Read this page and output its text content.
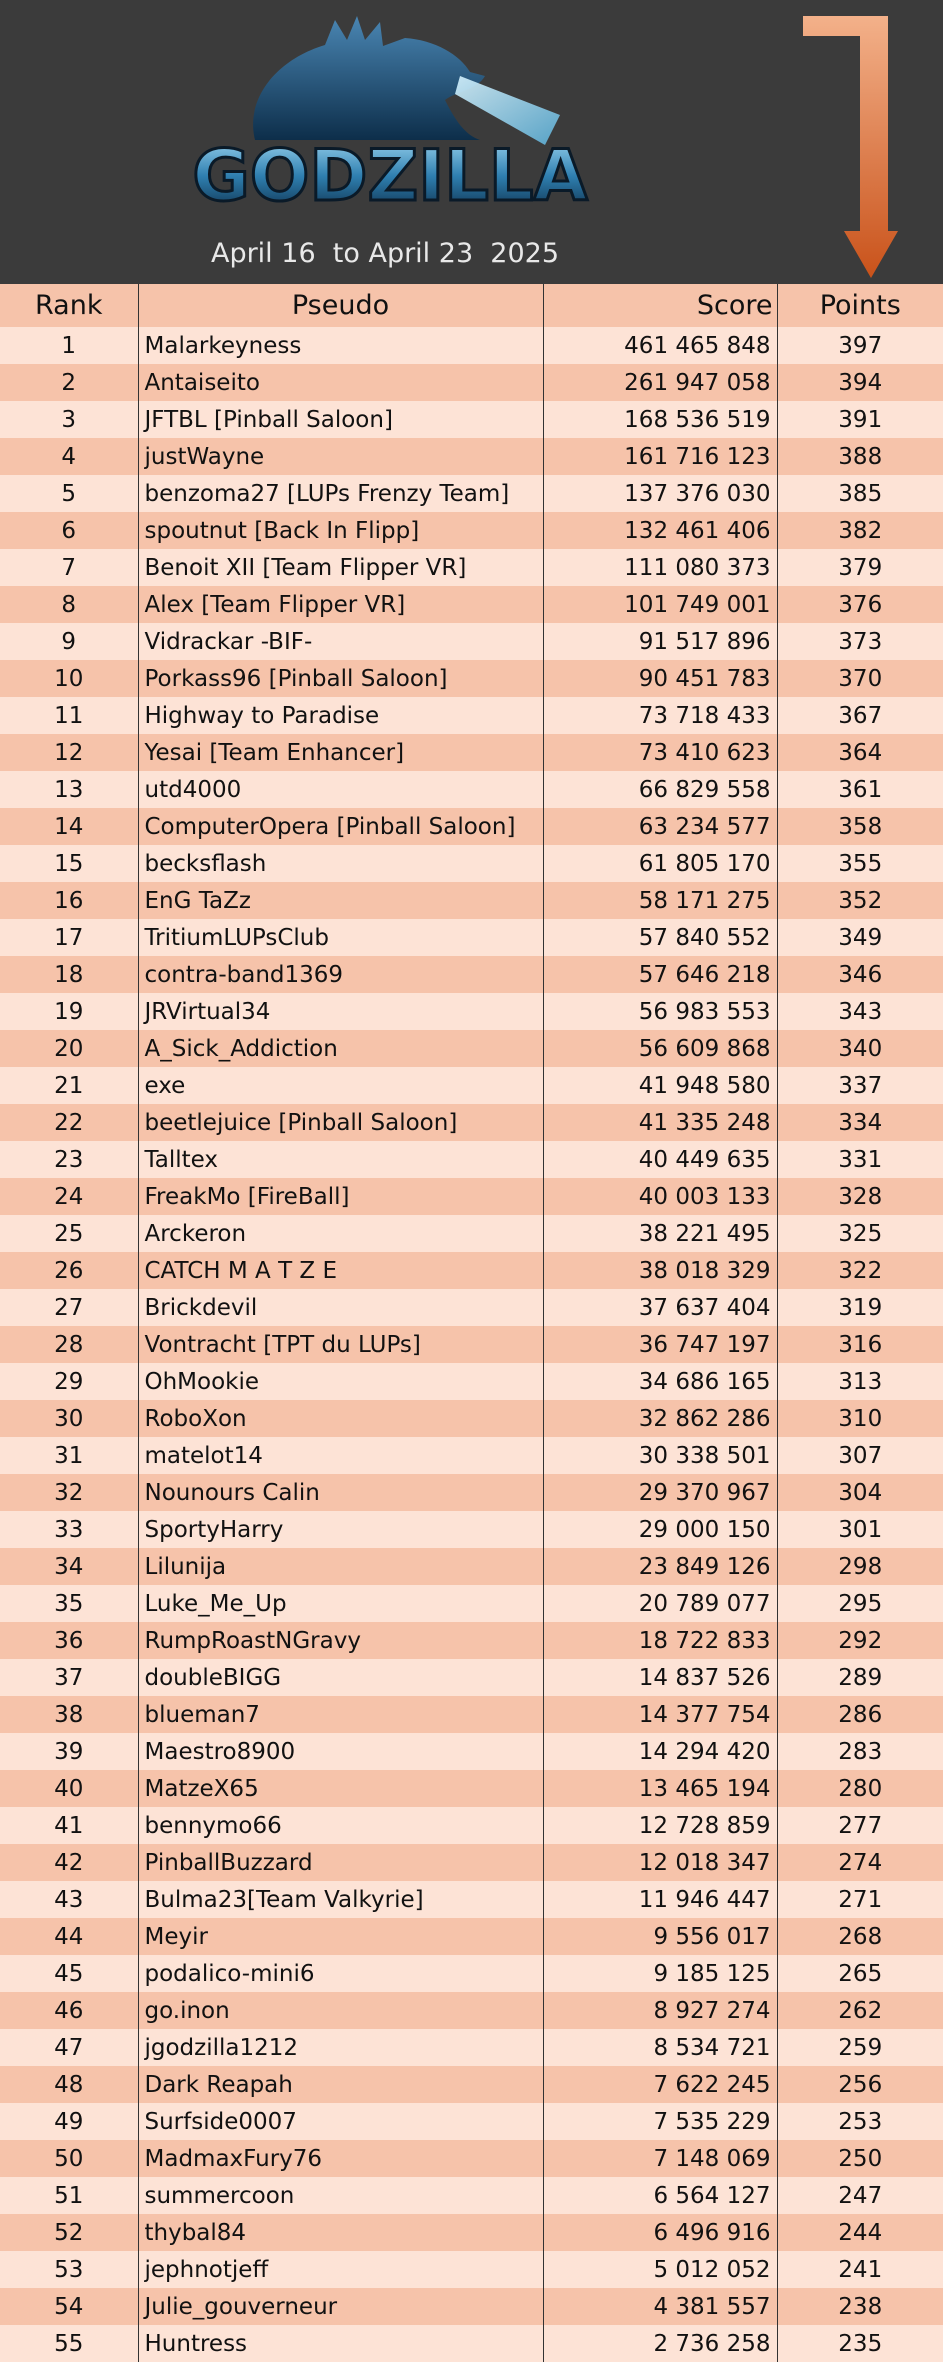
GODZILLA
April 16  to April 23  2025
Rank	Pseudo	Score	Points
1	Malarkeyness	461 465 848	397
2	Antaiseito	261 947 058	394
3	JFTBL [Pinball Saloon]	168 536 519	391
4	justWayne	161 716 123	388
5	benzoma27 [LUPs Frenzy Team]	137 376 030	385
6	spoutnut [Back In Flipp]	132 461 406	382
7	Benoit XII [Team Flipper VR]	111 080 373	379
8	Alex [Team Flipper VR]	101 749 001	376
9	Vidrackar -BIF-	91 517 896	373
10	Porkass96 [Pinball Saloon]	90 451 783	370
11	Highway to Paradise	73 718 433	367
12	Yesai [Team Enhancer]	73 410 623	364
13	utd4000	66 829 558	361
14	ComputerOpera [Pinball Saloon]	63 234 577	358
15	becksflash	61 805 170	355
16	EnG TaZz	58 171 275	352
17	TritiumLUPsClub	57 840 552	349
18	contra-band1369	57 646 218	346
19	JRVirtual34	56 983 553	343
20	A_Sick_Addiction	56 609 868	340
21	exe	41 948 580	337
22	beetlejuice [Pinball Saloon]	41 335 248	334
23	Talltex	40 449 635	331
24	FreakMo [FireBall]	40 003 133	328
25	Arckeron	38 221 495	325
26	CATCH M A T Z E	38 018 329	322
27	Brickdevil	37 637 404	319
28	Vontracht [TPT du LUPs]	36 747 197	316
29	OhMookie	34 686 165	313
30	RoboXon	32 862 286	310
31	matelot14	30 338 501	307
32	Nounours Calin	29 370 967	304
33	SportyHarry	29 000 150	301
34	Lilunija	23 849 126	298
35	Luke_Me_Up	20 789 077	295
36	RumpRoastNGravy	18 722 833	292
37	doubleBIGG	14 837 526	289
38	blueman7	14 377 754	286
39	Maestro8900	14 294 420	283
40	MatzeX65	13 465 194	280
41	bennymo66	12 728 859	277
42	PinballBuzzard	12 018 347	274
43	Bulma23[Team Valkyrie]	11 946 447	271
44	Meyir	9 556 017	268
45	podalico-mini6	9 185 125	265
46	go.inon	8 927 274	262
47	jgodzilla1212	8 534 721	259
48	Dark Reapah	7 622 245	256
49	Surfside0007	7 535 229	253
50	MadmaxFury76	7 148 069	250
51	summercoon	6 564 127	247
52	thybal84	6 496 916	244
53	jephnotjeff	5 012 052	241
54	Julie_gouverneur	4 381 557	238
55	Huntress	2 736 258	235
